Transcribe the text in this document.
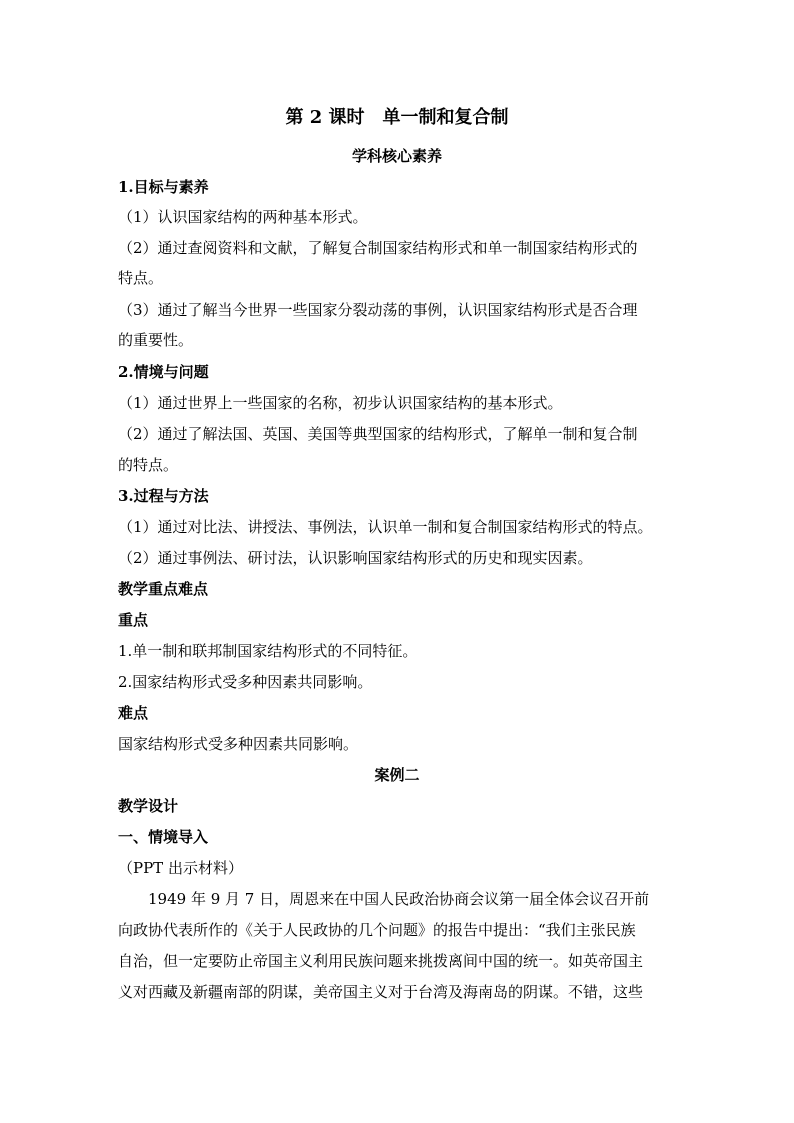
第 2 课时　单一制和复合制
学科核心素养
1.目标与素养
（1）认识国家结构的两种基本形式。
（2）通过查阅资料和文献，了解复合制国家结构形式和单一制国家结构形式的
特点。
（3）通过了解当今世界一些国家分裂动荡的事例，认识国家结构形式是否合理
的重要性。
2.情境与问题
（1）通过世界上一些国家的名称，初步认识国家结构的基本形式。
（2）通过了解法国、英国、美国等典型国家的结构形式，了解单一制和复合制
的特点。
3.过程与方法
（1）通过对比法、讲授法、事例法，认识单一制和复合制国家结构形式的特点。
（2）通过事例法、研讨法，认识影响国家结构形式的历史和现实因素。
教学重点难点
重点
1.单一制和联邦制国家结构形式的不同特征。
2.国家结构形式受多种因素共同影响。
难点
国家结构形式受多种因素共同影响。
案例二
教学设计
一、情境导入
（PPT 出示材料）
1949 年 9 月 7 日，周恩来在中国人民政治协商会议第一届全体会议召开前
向政协代表所作的《关于人民政协的几个问题》的报告中提出：“我们主张民族
自治，但一定要防止帝国主义利用民族问题来挑拨离间中国的统一。如英帝国主
义对西藏及新疆南部的阴谋，美帝国主义对于台湾及海南岛的阴谋。不错，这些
